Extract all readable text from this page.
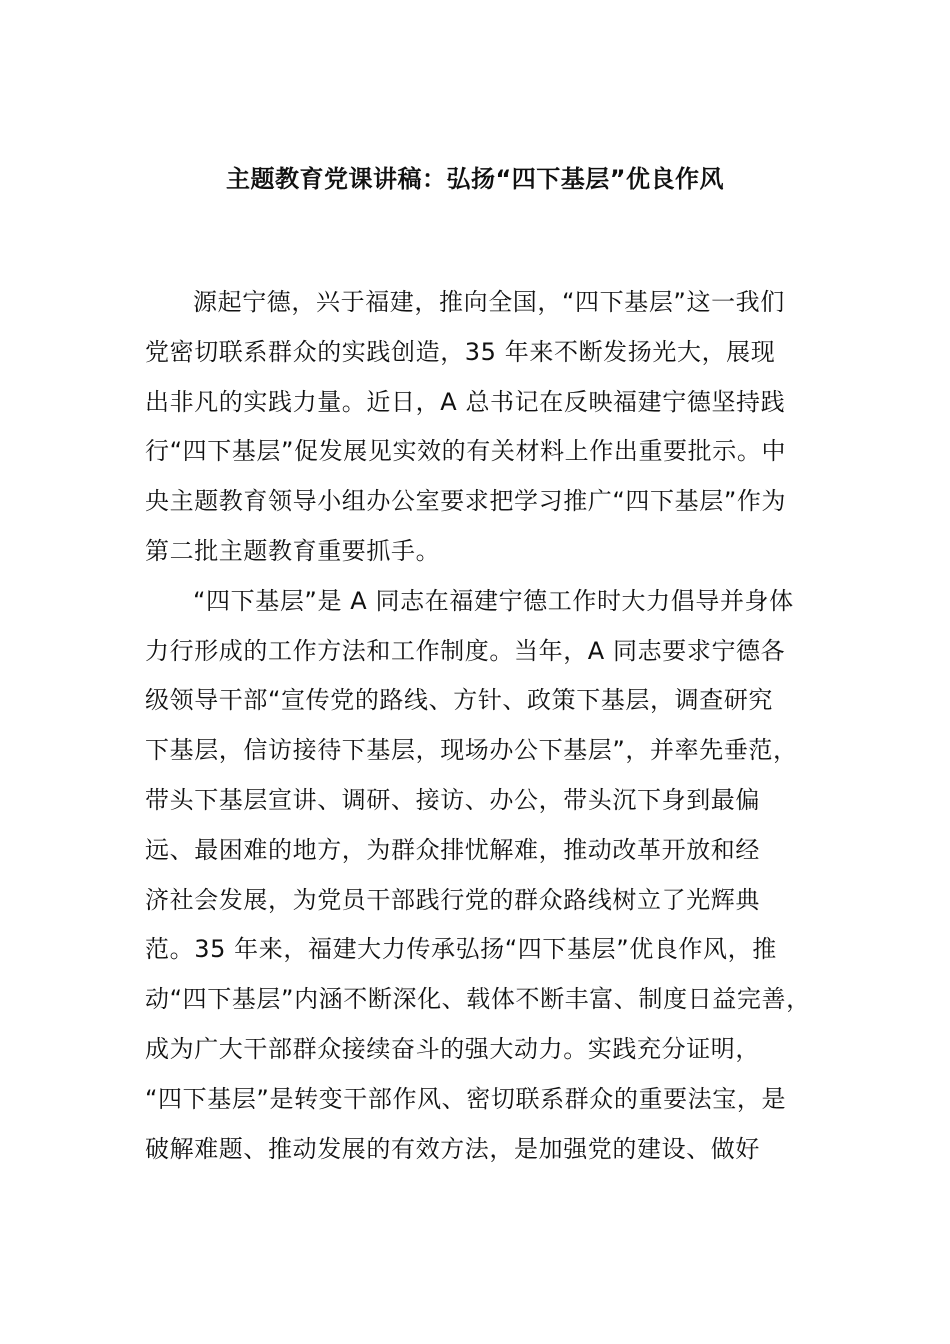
主题教育党课讲稿：弘扬“四下基层”优良作风
源起宁德，兴于福建，推向全国，“四下基层”这一我们
党密切联系群众的实践创造，35 年来不断发扬光大，展现
出非凡的实践力量。近日，A 总书记在反映福建宁德坚持践
行“四下基层”促发展见实效的有关材料上作出重要批示。中
央主题教育领导小组办公室要求把学习推广“四下基层”作为
第二批主题教育重要抓手。
“四下基层”是 A 同志在福建宁德工作时大力倡导并身体
力行形成的工作方法和工作制度。当年，A 同志要求宁德各
级领导干部“宣传党的路线、方针、政策下基层，调查研究
下基层，信访接待下基层，现场办公下基层”，并率先垂范，
带头下基层宣讲、调研、接访、办公，带头沉下身到最偏
远、最困难的地方，为群众排忧解难，推动改革开放和经
济社会发展，为党员干部践行党的群众路线树立了光辉典
范。35 年来，福建大力传承弘扬“四下基层”优良作风，推
动“四下基层”内涵不断深化、载体不断丰富、制度日益完善，
成为广大干部群众接续奋斗的强大动力。实践充分证明，
“四下基层”是转变干部作风、密切联系群众的重要法宝，是
破解难题、推动发展的有效方法，是加强党的建设、做好
